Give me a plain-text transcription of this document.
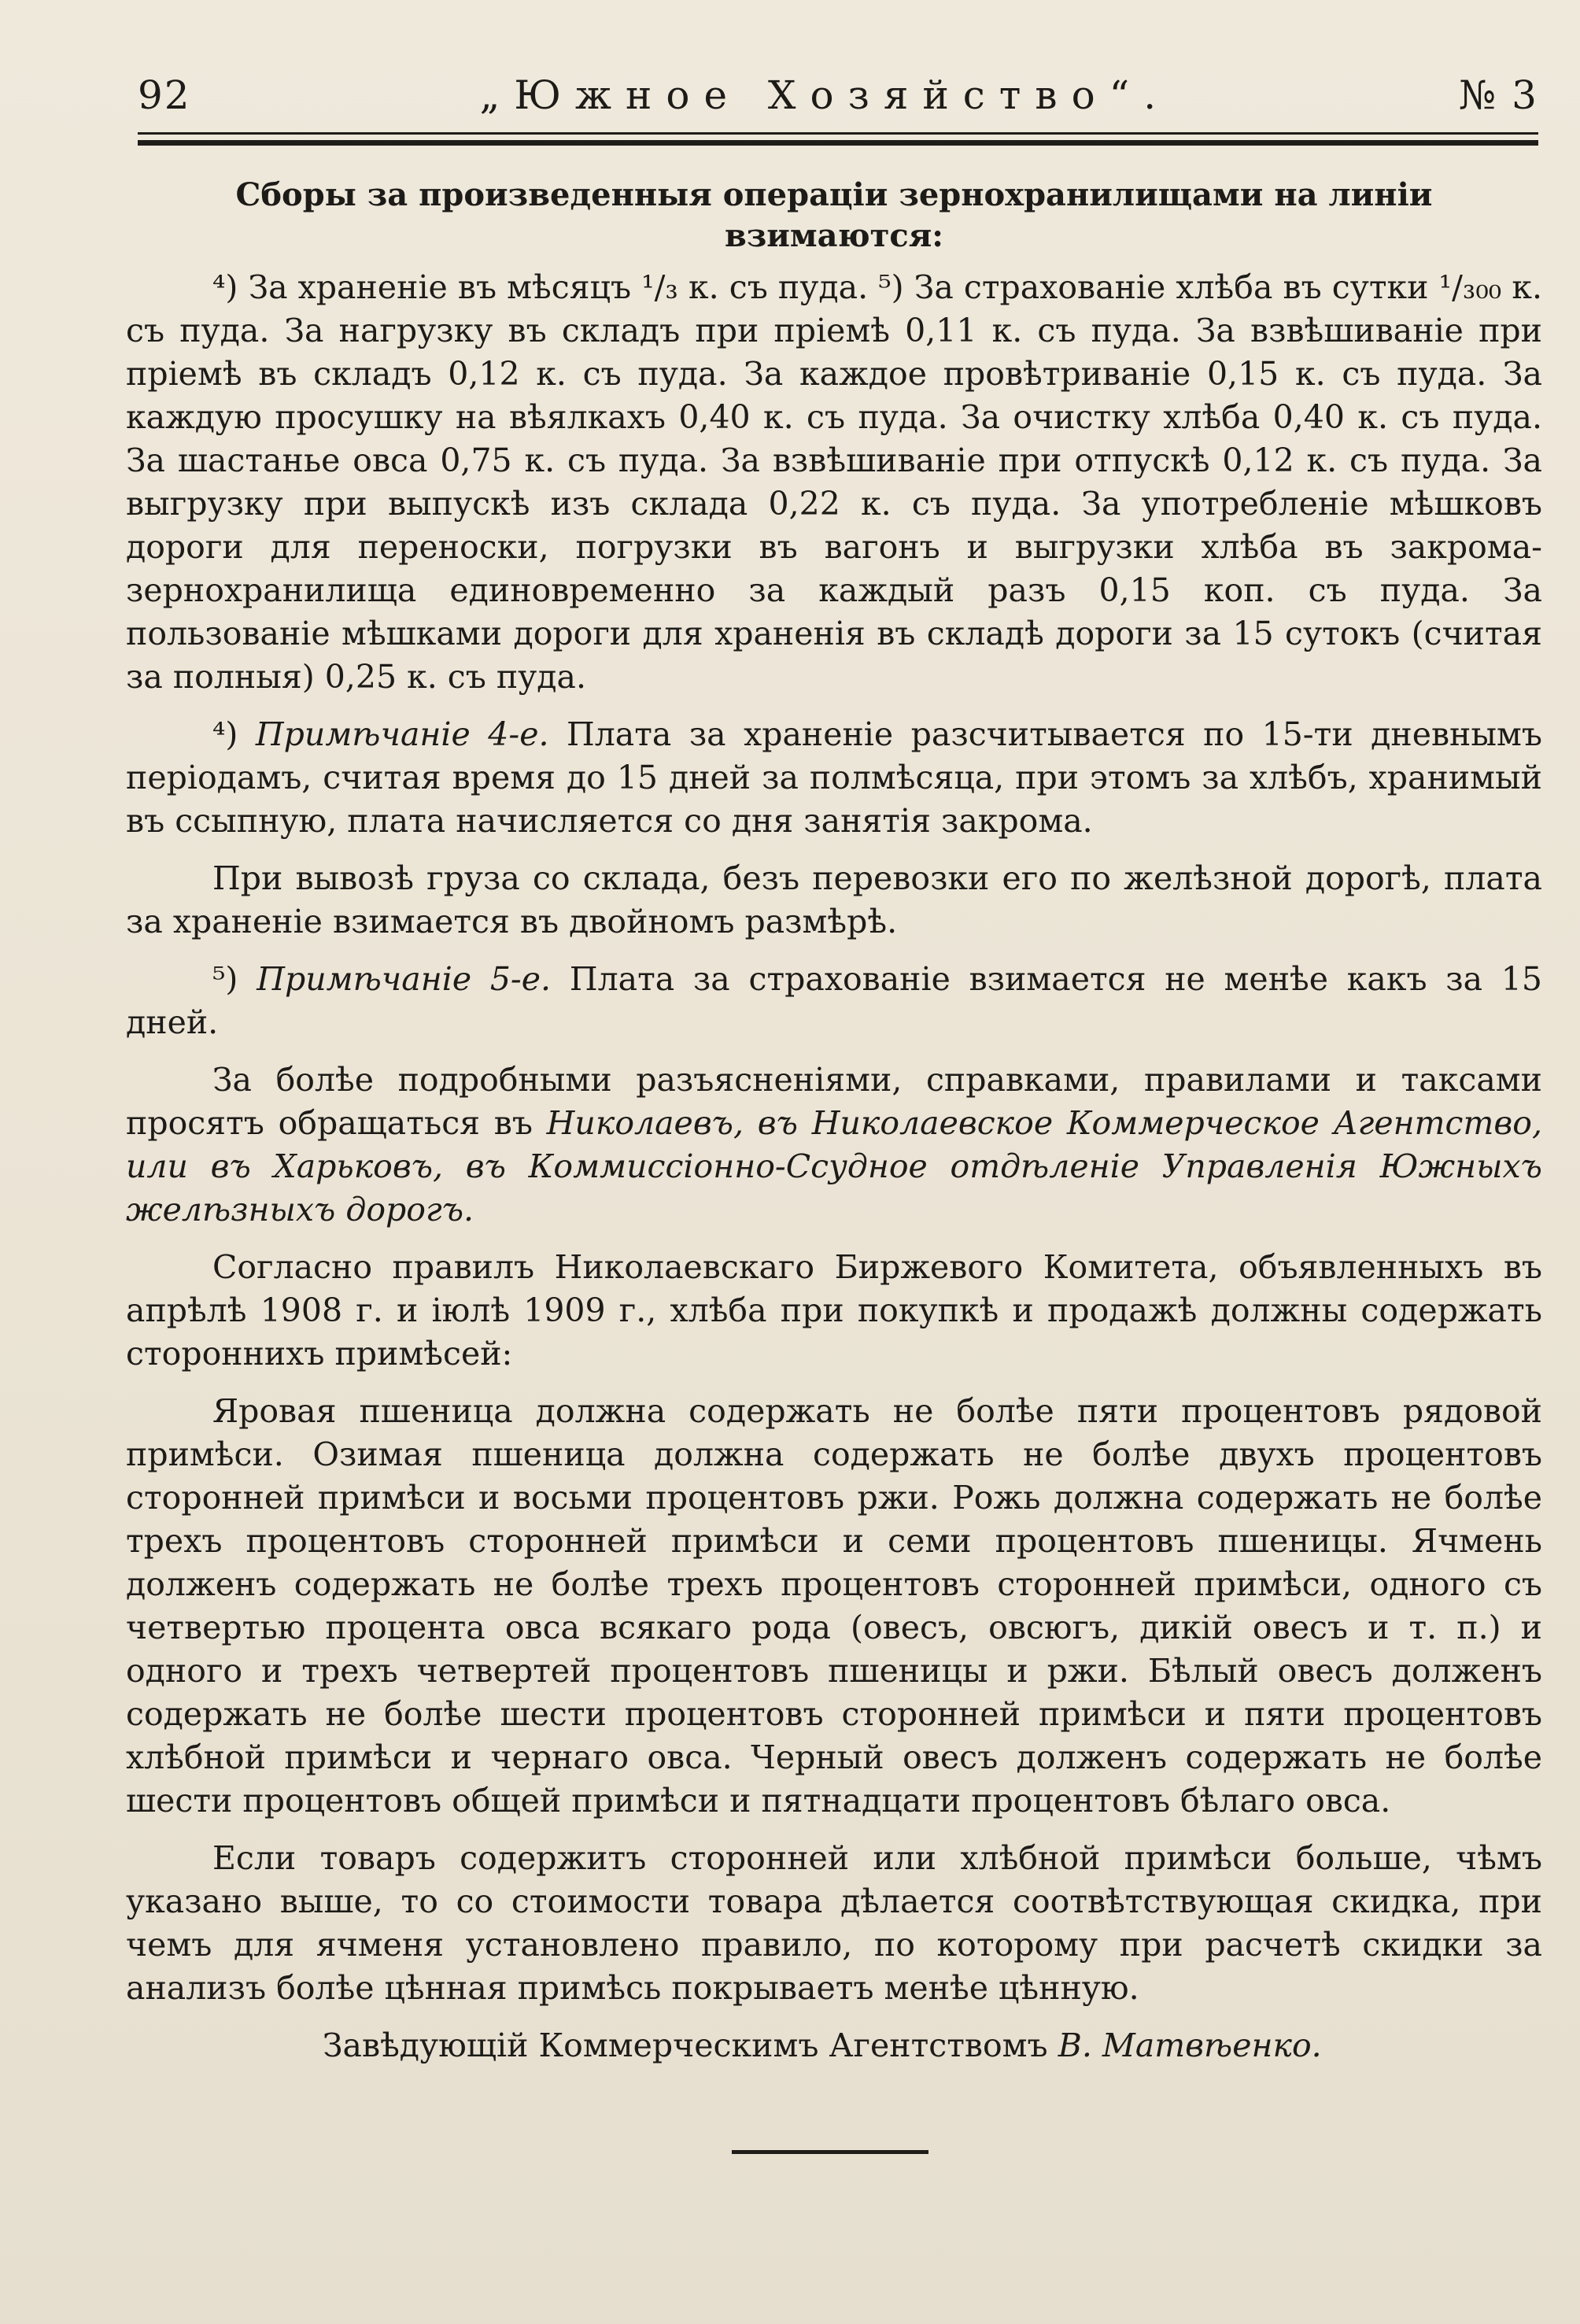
92	„Южное Хозяйство“.	№ 3
Сборы за произведенныя операціи зернохранилищами на линіи взимаются:

⁴) За храненіе въ мѣсяцъ ¹/₃ к. съ пуда. ⁵) За страхованіе хлѣба въ сутки ¹/₃₀₀ к. съ пуда. За нагрузку въ складъ при пріемѣ 0,11 к. съ пуда. За взвѣшиваніе при пріемѣ въ складъ 0,12 к. съ пуда. За каждое провѣтриваніе 0,15 к. съ пуда. За каждую просушку на вѣялкахъ 0,40 к. съ пуда. За очистку хлѣба 0,40 к. съ пуда. За шастанье овса 0,75 к. съ пуда. За взвѣшиваніе при отпускѣ 0,12 к. съ пуда. За выгрузку при выпускѣ изъ склада 0,22 к. съ пуда. За употребленіе мѣшковъ дороги для переноски, погрузки въ вагонъ и выгрузки хлѣба въ закрома-зернохранилища единовременно за каждый разъ 0,15 коп. съ пуда. За пользованіе мѣшками дороги для храненія въ складѣ дороги за 15 сутокъ (считая за полныя) 0,25 к. съ пуда.

⁴) Примѣчаніе 4-е. Плата за храненіе разсчитывается по 15-ти дневнымъ періодамъ, считая время до 15 дней за полмѣсяца, при этомъ за хлѣбъ, хранимый въ ссыпную, плата начисляется со дня занятія закрома.

При вывозѣ груза со склада, безъ перевозки его по желѣзной дорогѣ, плата за храненіе взимается въ двойномъ размѣрѣ.

⁵) Примѣчаніе 5-е. Плата за страхованіе взимается не менѣе какъ за 15 дней.

За болѣе подробными разъясненіями, справками, правилами и таксами просятъ обращаться въ Николаевъ, въ Николаевское Коммерческое Агентство, или въ Харьковъ, въ Коммиссіонно-Ссудное отдѣленіе Управленія Южныхъ желѣзныхъ дорогъ.

Согласно правилъ Николаевскаго Биржевого Комитета, объявленныхъ въ апрѣлѣ 1908 г. и іюлѣ 1909 г., хлѣба при покупкѣ и продажѣ должны содержать стороннихъ примѣсей:

Яровая пшеница должна содержать не болѣе пяти процентовъ рядовой примѣси. Озимая пшеница должна содержать не болѣе двухъ процентовъ сторонней примѣси и восьми процентовъ ржи. Рожь должна содержать не болѣе трехъ процентовъ сторонней примѣси и семи процентовъ пшеницы. Ячмень долженъ содержать не болѣе трехъ процентовъ сторонней примѣси, одного съ четвертью процента овса всякаго рода (овесъ, овсюгъ, дикій овесъ и т. п.) и одного и трехъ четвертей процентовъ пшеницы и ржи. Бѣлый овесъ долженъ содержать не болѣе шести процентовъ сторонней примѣси и пяти процентовъ хлѣбной примѣси и чернаго овса. Черный овесъ долженъ содержать не болѣе шести процентовъ общей примѣси и пятнадцати процентовъ бѣлаго овса.

Если товаръ содержитъ сторонней или хлѣбной примѣси больше, чѣмъ указано выше, то со стоимости товара дѣлается соотвѣтствующая скидка, при чемъ для ячменя установлено правило, по которому при расчетѣ скидки за анализъ болѣе цѣнная примѣсь покрываетъ менѣе цѣнную.

Завѣдующій Коммерческимъ Агентствомъ В. Матвѣенко.
